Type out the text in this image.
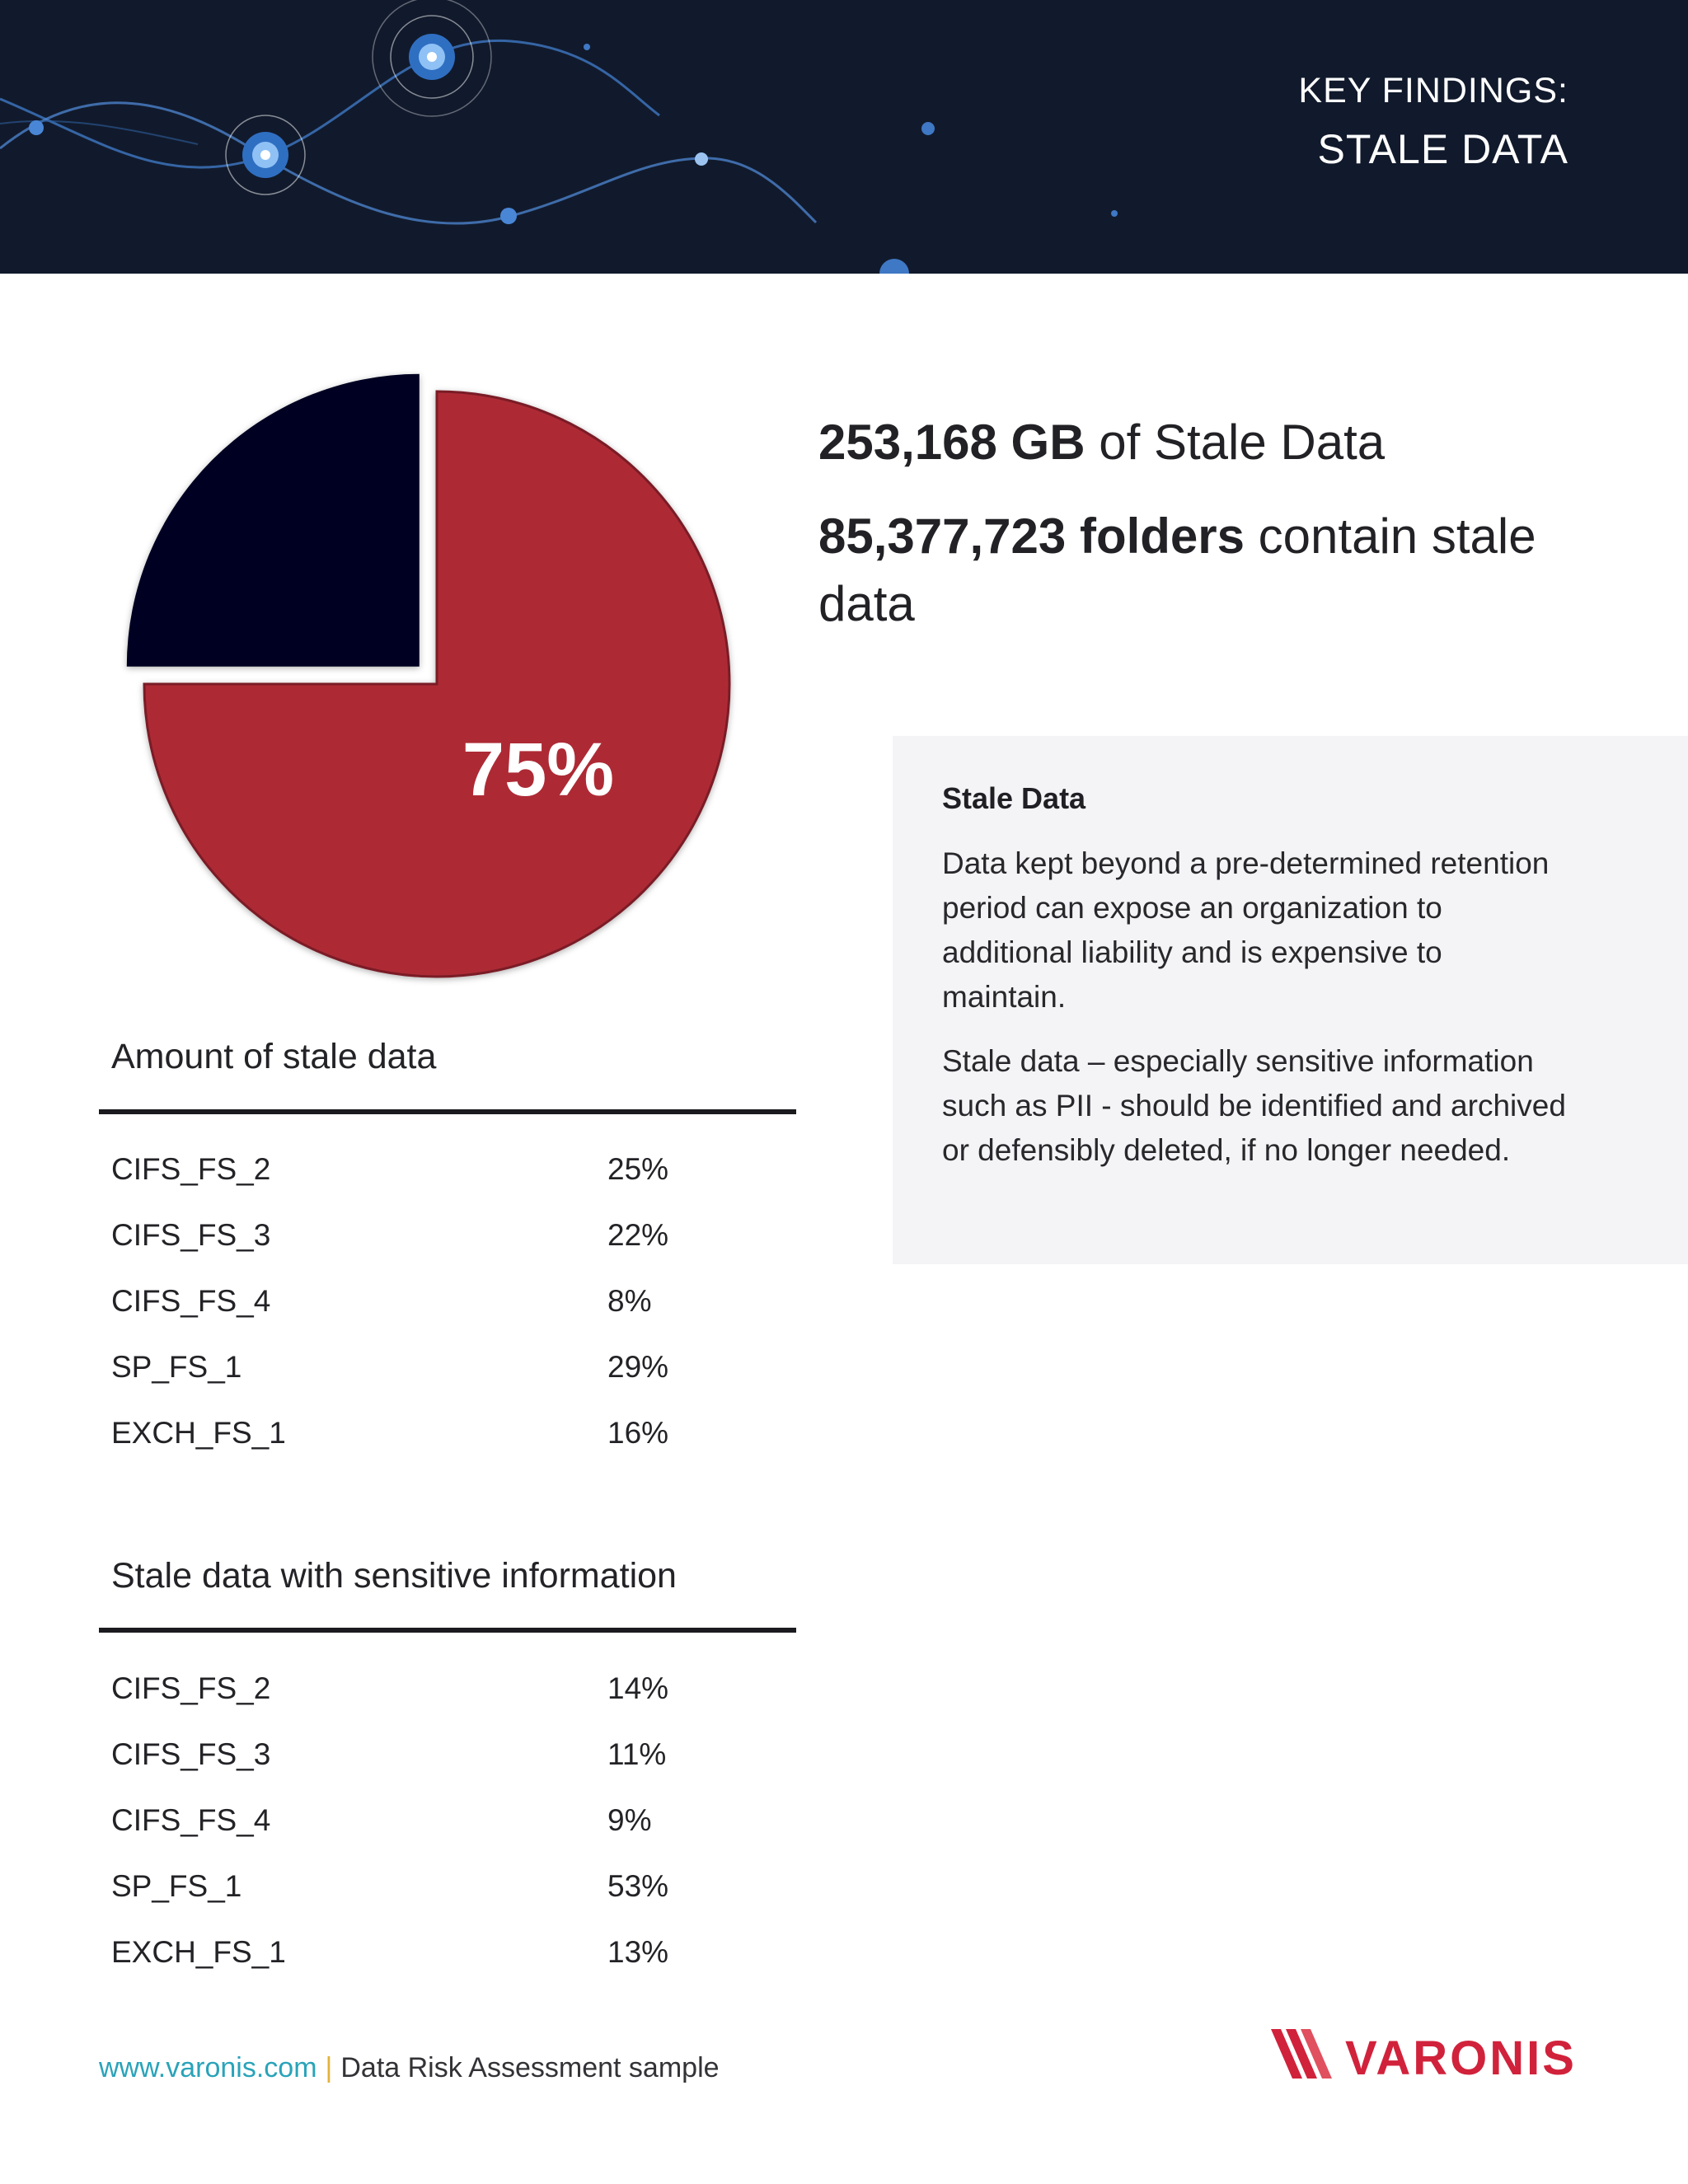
KEY FINDINGS:
STALE DATA
75%
253,168 GB of Stale Data
85,377,723 folders contain stale data
Stale Data
Data kept beyond a pre-determined retention period can expose an organization to additional liability and is expensive to maintain.
Stale data – especially sensitive information such as PII - should be identified and archived or defensibly deleted, if no longer needed.
Amount of stale data
CIFS_FS_2	25%
CIFS_FS_3	22%
CIFS_FS_4	8%
SP_FS_1	29%
EXCH_FS_1	16%
Stale data with sensitive information
CIFS_FS_2	14%
CIFS_FS_3	11%
CIFS_FS_4	9%
SP_FS_1	53%
EXCH_FS_1	13%
www.varonis.com | Data Risk Assessment sample	VARONIS
